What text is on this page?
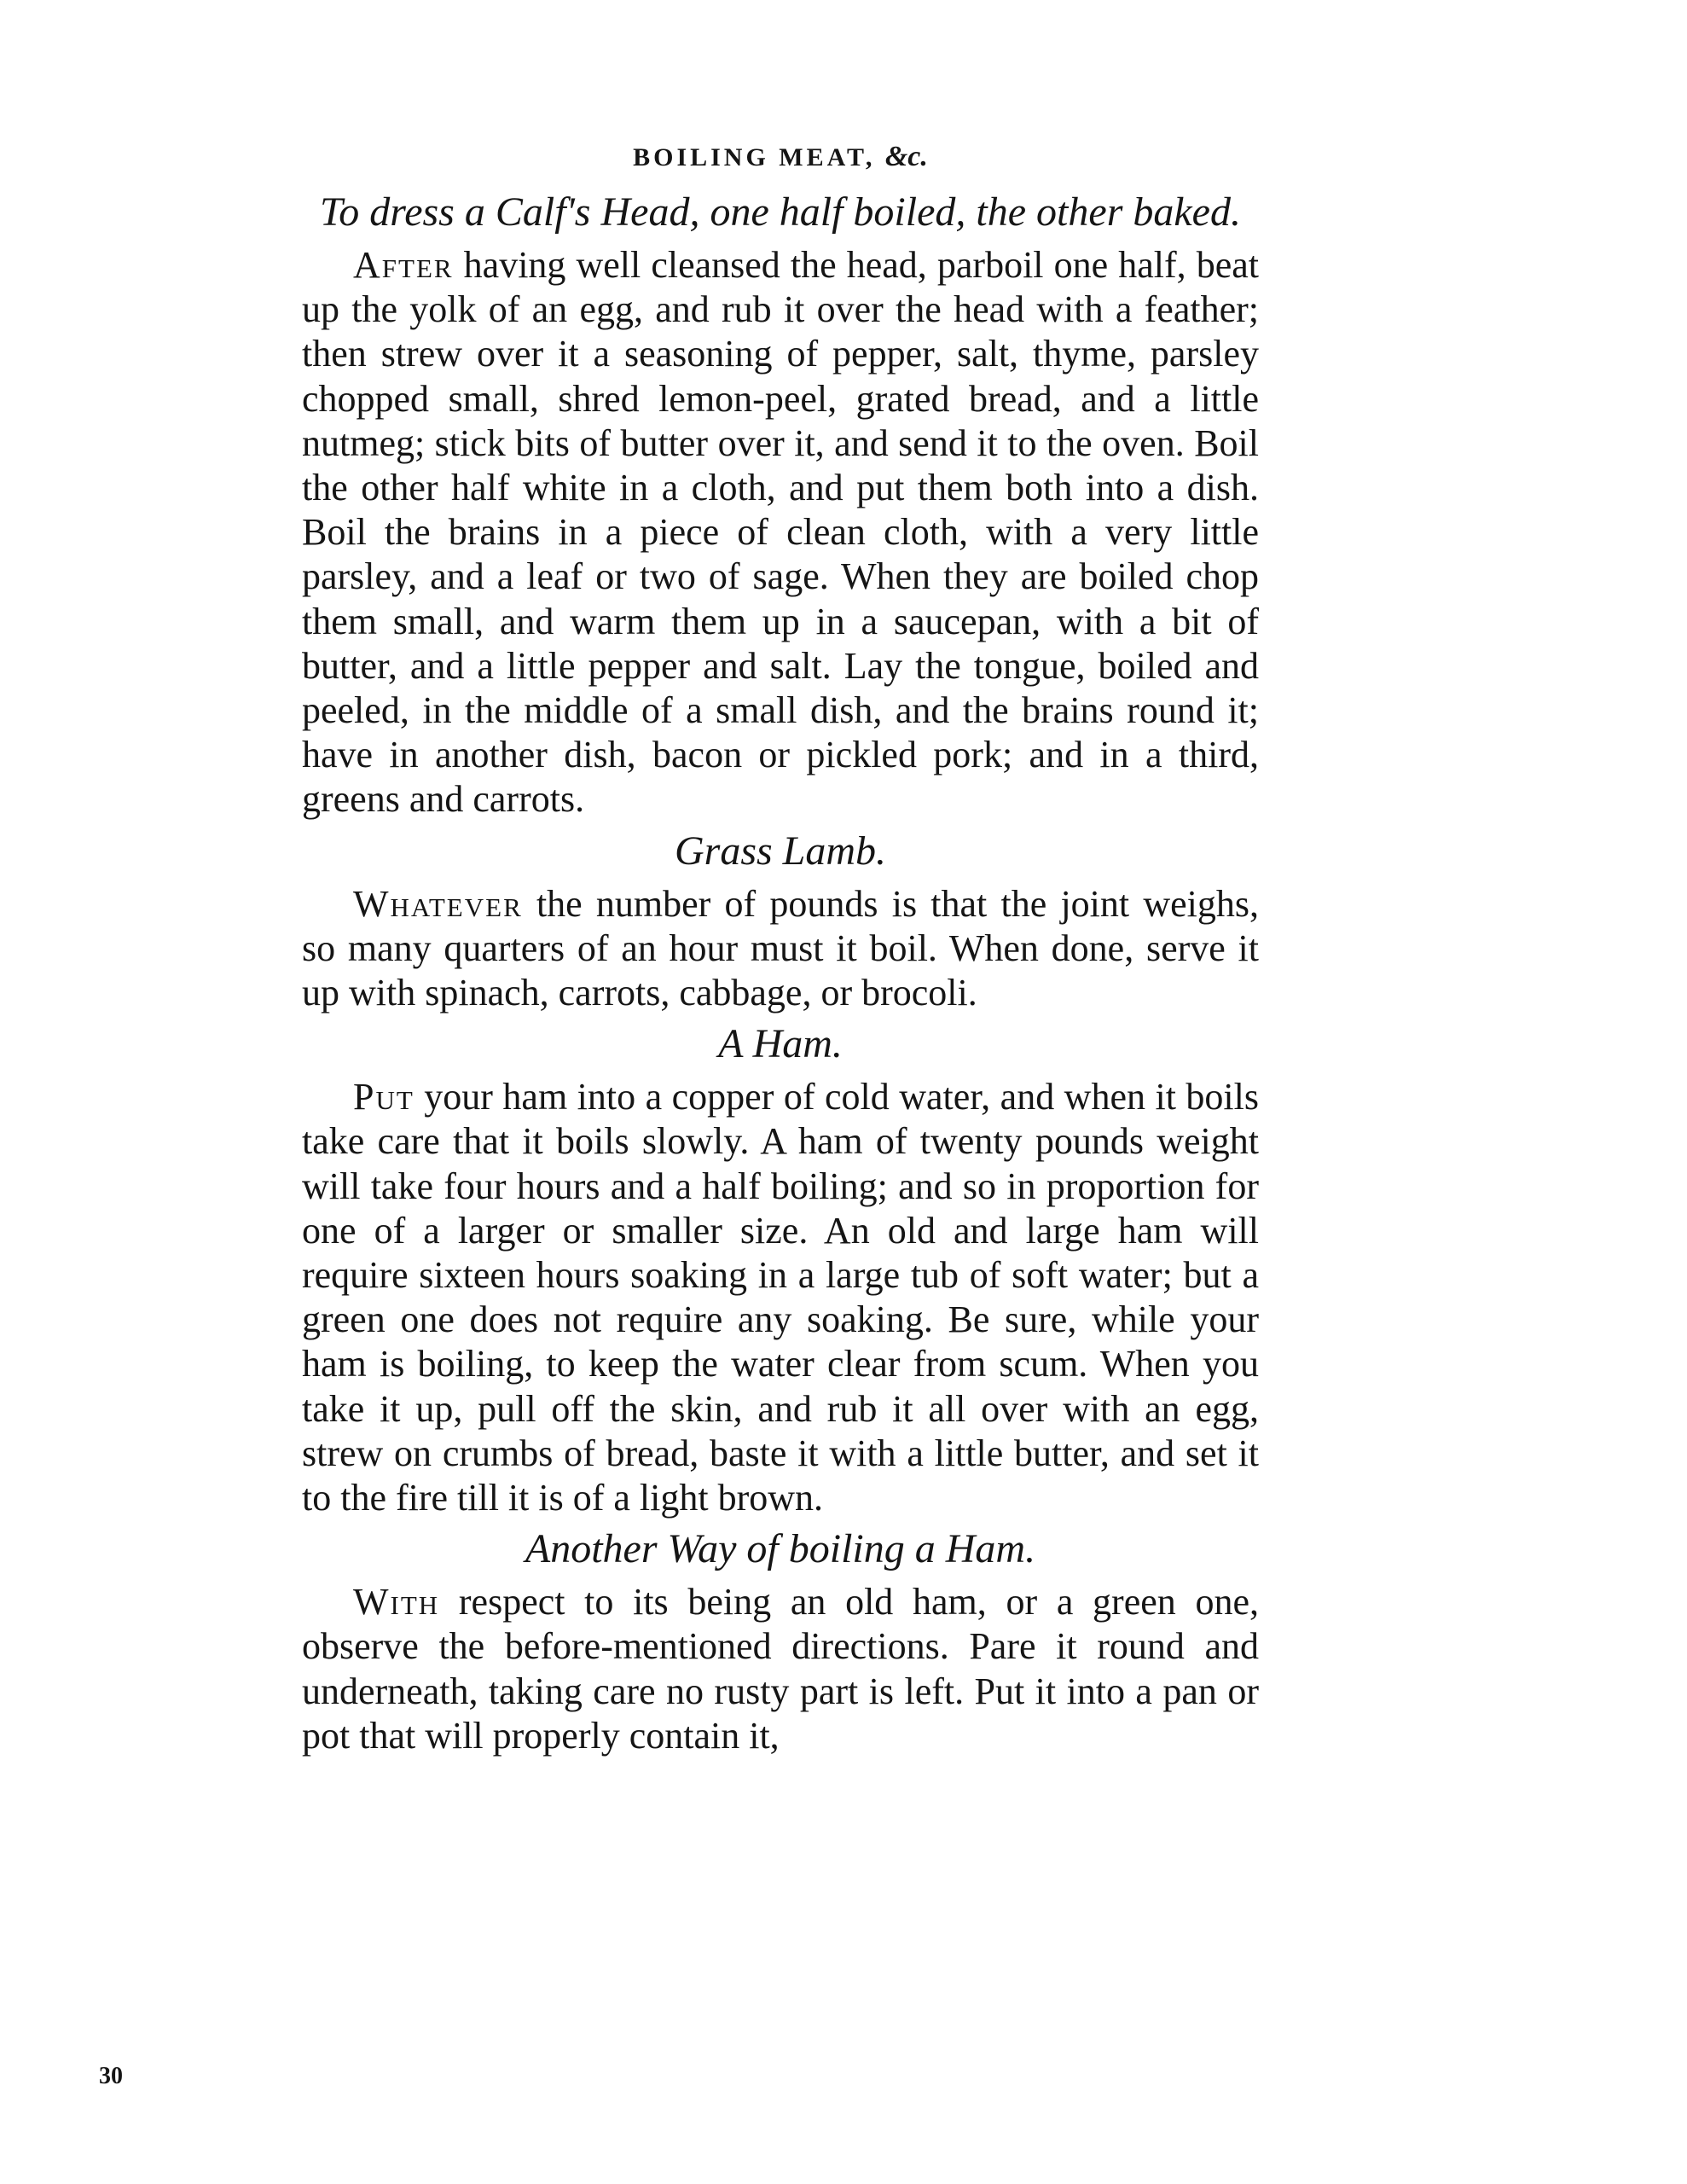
BOILING MEAT, &c.
To dress a Calf's Head, one half boiled, the other baked.

After having well cleansed the head, parboil one half, beat up the yolk of an egg, and rub it over the head with a feather; then strew over it a seasoning of pepper, salt, thyme, parsley chopped small, shred lemon-peel, grated bread, and a little nutmeg; stick bits of butter over it, and send it to the oven. Boil the other half white in a cloth, and put them both into a dish. Boil the brains in a piece of clean cloth, with a very little parsley, and a leaf or two of sage. When they are boiled chop them small, and warm them up in a saucepan, with a bit of butter, and a little pepper and salt. Lay the tongue, boiled and peeled, in the middle of a small dish, and the brains round it; have in another dish, bacon or pickled pork; and in a third, greens and carrots.

Grass Lamb.

Whatever the number of pounds is that the joint weighs, so many quarters of an hour must it boil. When done, serve it up with spinach, carrots, cabbage, or brocoli.

A Ham.

Put your ham into a copper of cold water, and when it boils take care that it boils slowly. A ham of twenty pounds weight will take four hours and a half boiling; and so in proportion for one of a larger or smaller size. An old and large ham will require sixteen hours soaking in a large tub of soft water; but a green one does not require any soaking. Be sure, while your ham is boiling, to keep the water clear from scum. When you take it up, pull off the skin, and rub it all over with an egg, strew on crumbs of bread, baste it with a little butter, and set it to the fire till it is of a light brown.

Another Way of boiling a Ham.

With respect to its being an old ham, or a green one, observe the before-mentioned directions. Pare it round and underneath, taking care no rusty part is left. Put it into a pan or pot that will properly contain it,

30
